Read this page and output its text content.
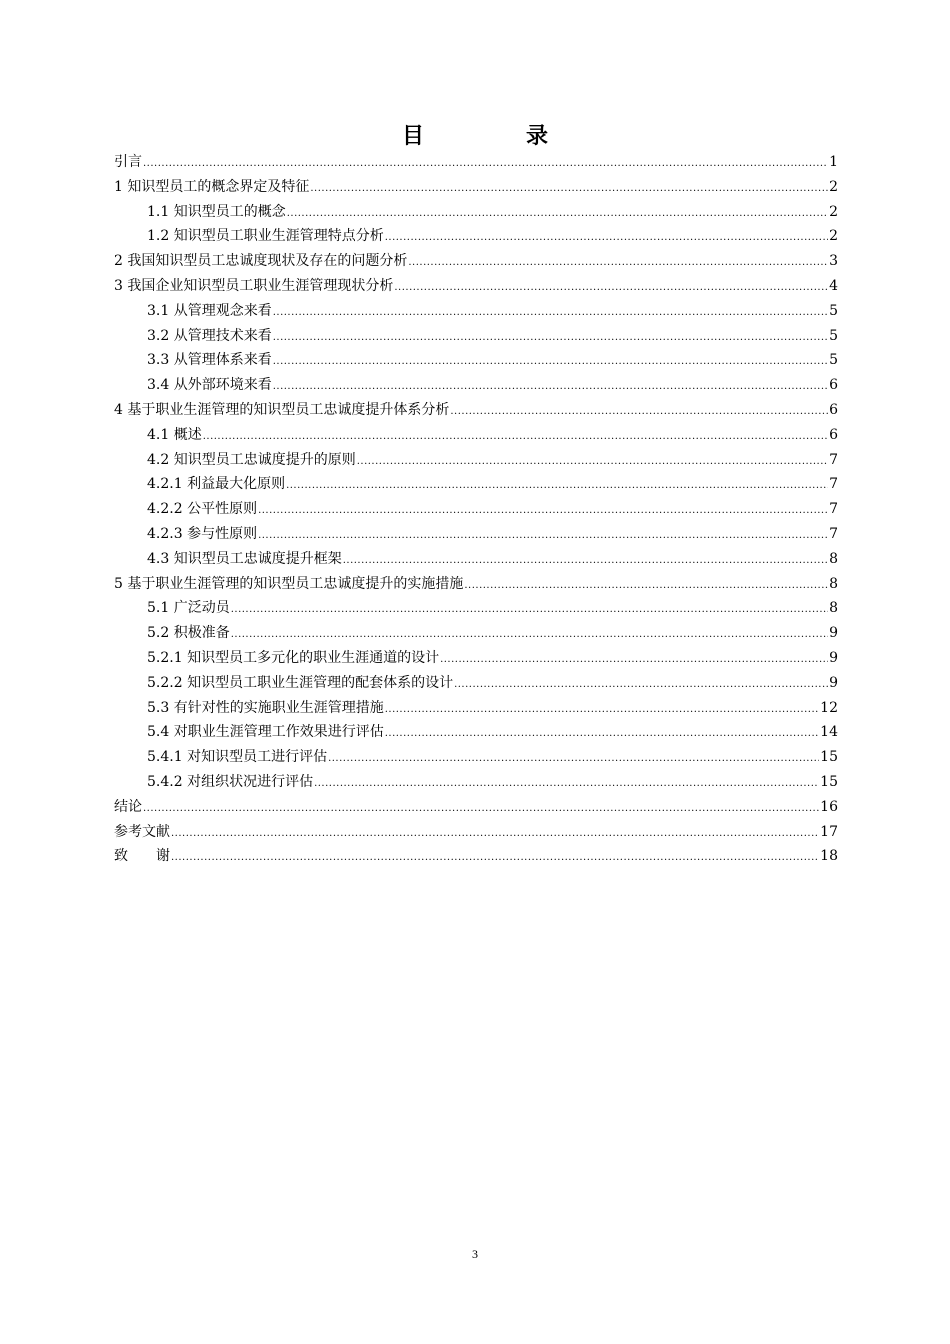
目　录
引言 .....	1
1 知识型员工的概念界定及特征 .....	2
1.1 知识型员工的概念 .....	2
1.2 知识型员工职业生涯管理特点分析 .....	2
2 我国知识型员工忠诚度现状及存在的问题分析 .....	3
3 我国企业知识型员工职业生涯管理现状分析 .....	4
3.1 从管理观念来看 .....	5
3.2 从管理技术来看 .....	5
3.3 从管理体系来看 .....	5
3.4 从外部环境来看 .....	6
4 基于职业生涯管理的知识型员工忠诚度提升体系分析 .....	6
4.1 概述 .....	6
4.2 知识型员工忠诚度提升的原则 .....	7
4.2.1 利益最大化原则 .....	7
4.2.2 公平性原则 .....	7
4.2.3 参与性原则 .....	7
4.3 知识型员工忠诚度提升框架 .....	8
5 基于职业生涯管理的知识型员工忠诚度提升的实施措施 .....	8
5.1 广泛动员 .....	8
5.2 积极准备 .....	9
5.2.1 知识型员工多元化的职业生涯通道的设计 .....	9
5.2.2 知识型员工职业生涯管理的配套体系的设计 .....	9
5.3 有针对性的实施职业生涯管理措施 .....	12
5.4 对职业生涯管理工作效果进行评估 .....	14
5.4.1 对知识型员工进行评估 .....	15
5.4.2 对组织状况进行评估 .....	15
结论 .....	16
参考文献 .....	17
致　　谢 .....	18
3
